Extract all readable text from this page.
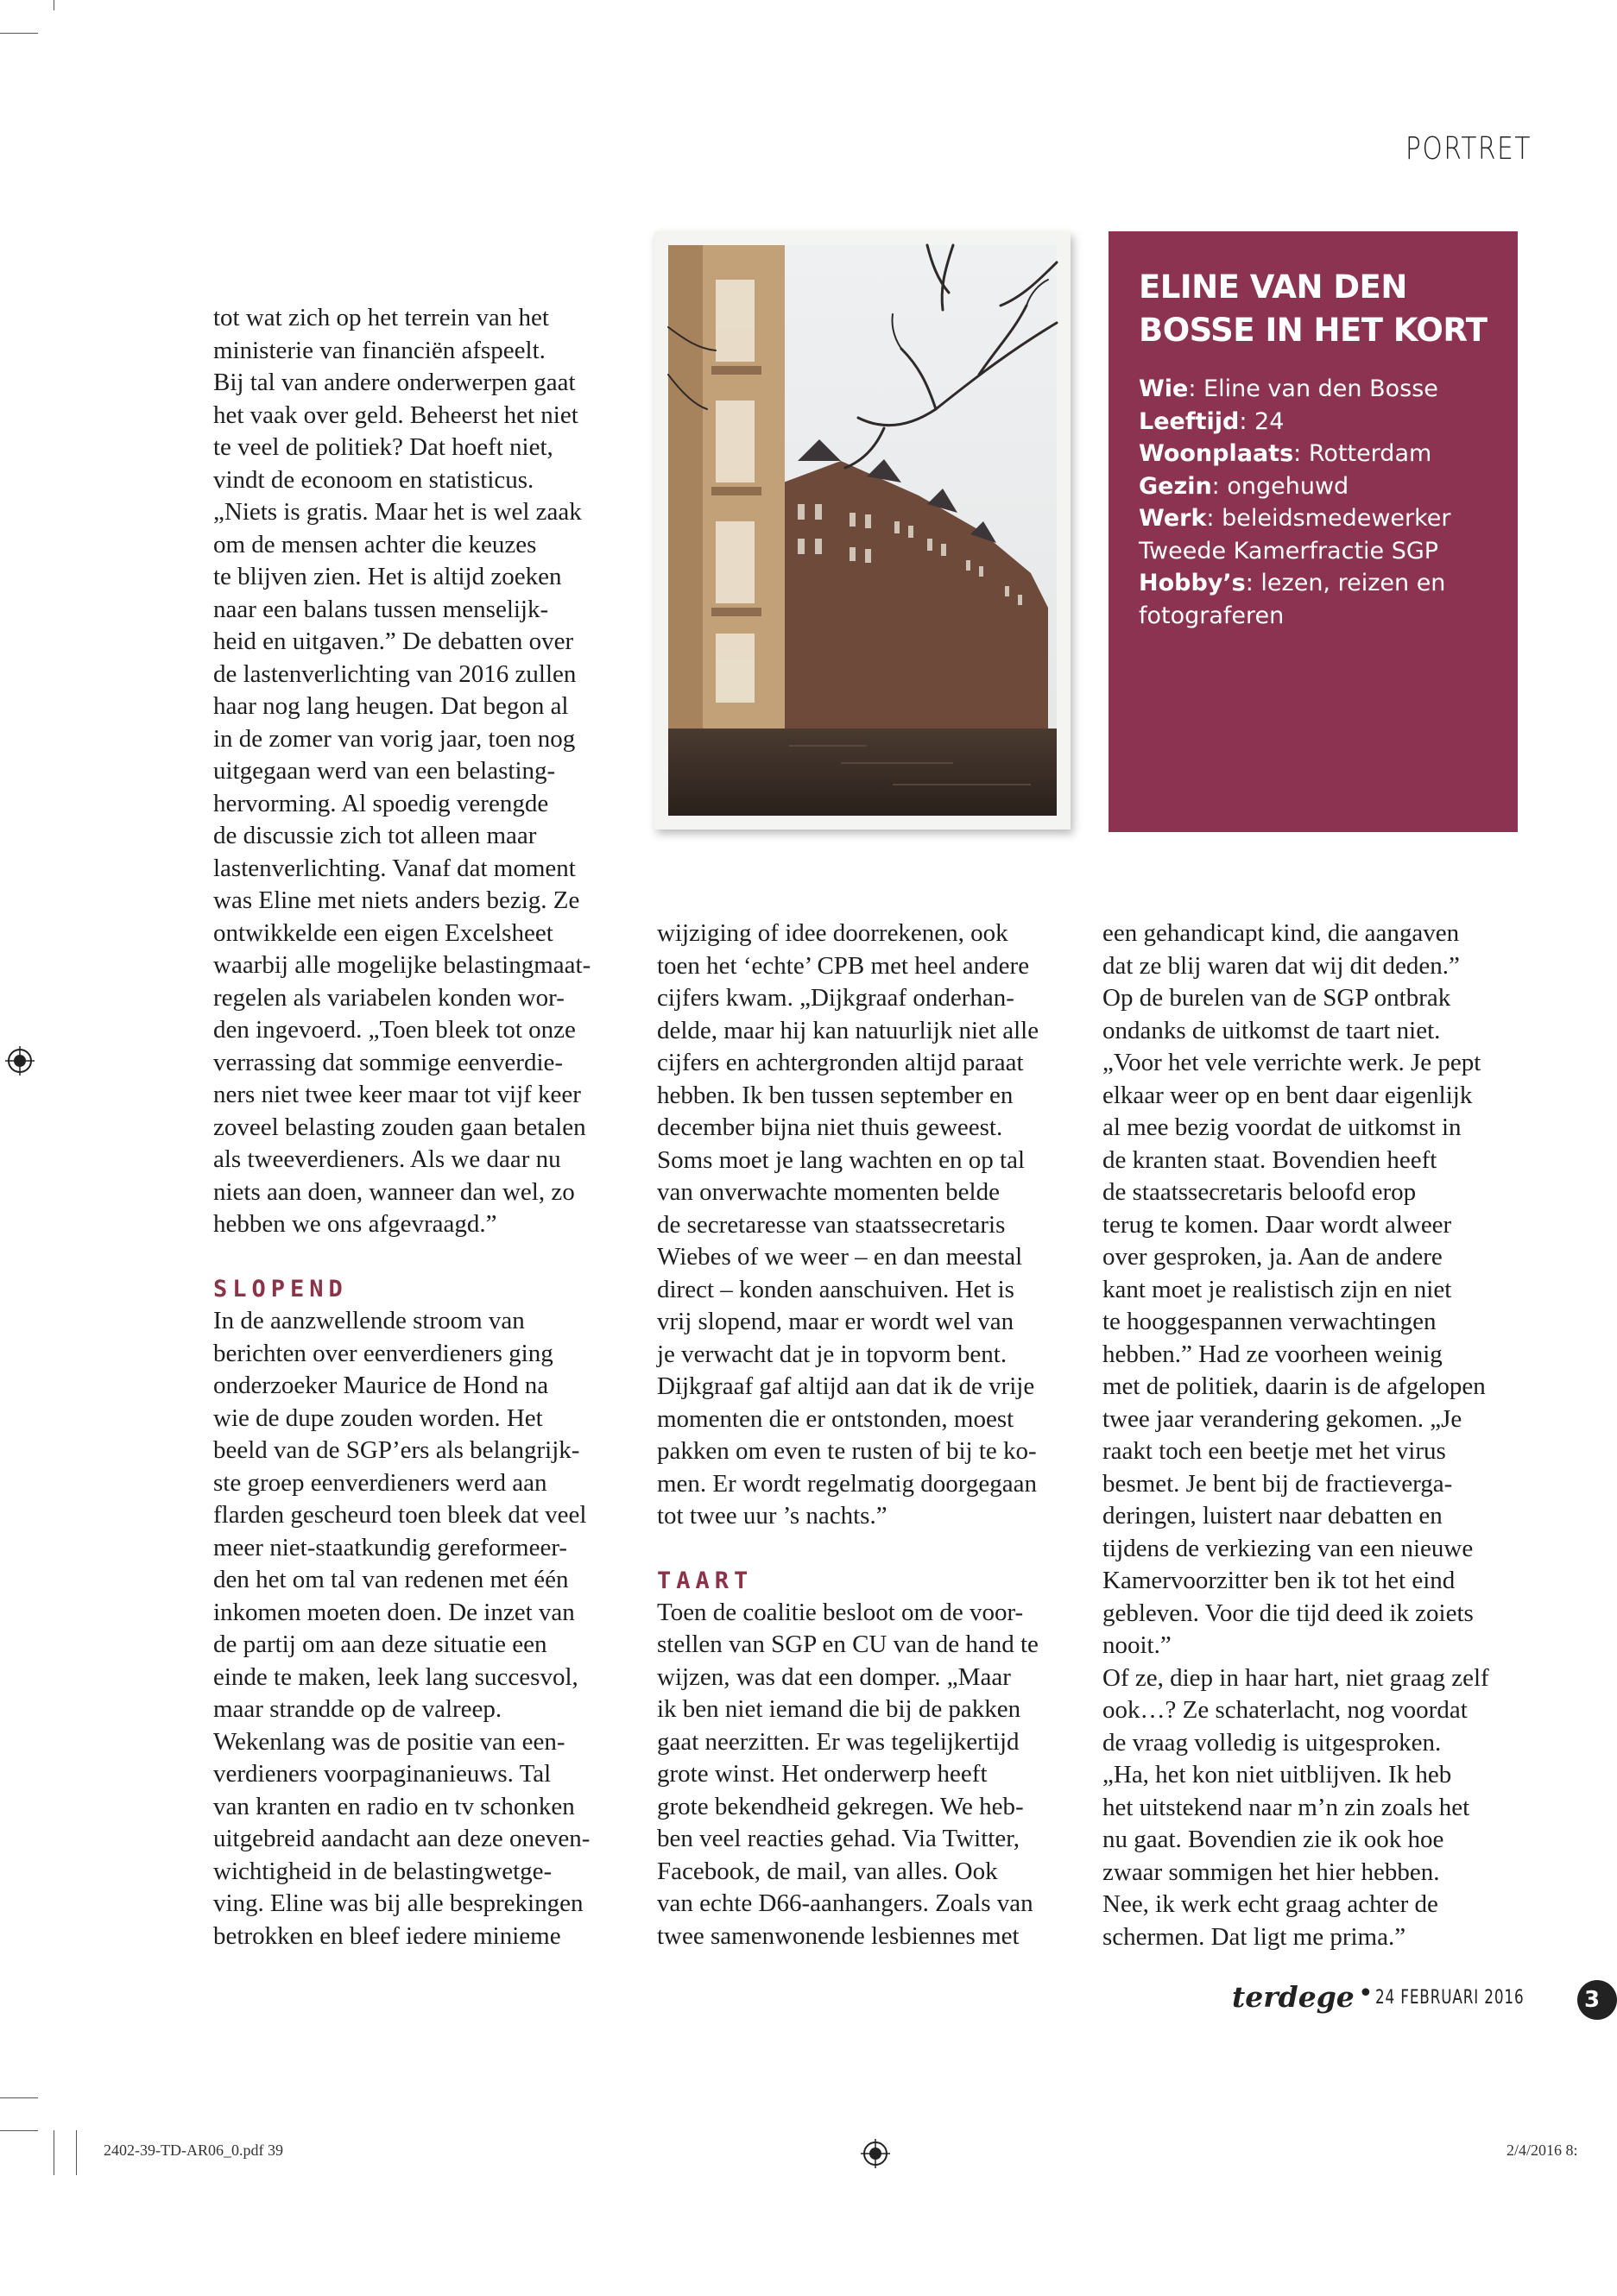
PORTRET
ELINE VAN DEN BOSSE IN HET KORT

Wie: Eline van den Bosse

Leeftijd: 24

Woonplaats: Rotterdam

Gezin: ongehuwd

Werk: beleidsmedewerker Tweede Kamerfractie SGP

Hobby’s: lezen, reizen en fotograferen

tot wat zich op het terrein van het
ministerie van financiën afspeelt.
Bij tal van andere onderwerpen gaat
het vaak over geld. Beheerst het niet
te veel de politiek? Dat hoeft niet,
vindt de econoom en statisticus.
„Niets is gratis. Maar het is wel zaak
om de mensen achter die keuzes
te blijven zien. Het is altijd zoeken
naar een balans tussen menselijk-
heid en uitgaven.” De debatten over
de lastenverlichting van 2016 zullen
haar nog lang heugen. Dat begon al
in de zomer van vorig jaar, toen nog
uitgegaan werd van een belasting-
hervorming. Al spoedig verengde
de discussie zich tot alleen maar
lastenverlichting. Vanaf dat moment
was Eline met niets anders bezig. Ze
ontwikkelde een eigen Excelsheet
waarbij alle mogelijke belastingmaat-
regelen als variabelen konden wor-
den ingevoerd. „Toen bleek tot onze
verrassing dat sommige eenverdie-
ners niet twee keer maar tot vijf keer
zoveel belasting zouden gaan betalen
als tweeverdieners. Als we daar nu
niets aan doen, wanneer dan wel, zo
hebben we ons afgevraagd.”

SLOPEND

In de aanzwellende stroom van
berichten over eenverdieners ging
onderzoeker Maurice de Hond na
wie de dupe zouden worden. Het
beeld van de SGP’ers als belangrijk-
ste groep eenverdieners werd aan
flarden gescheurd toen bleek dat veel
meer niet-staatkundig gereformeer-
den het om tal van redenen met één
inkomen moeten doen. De inzet van
de partij om aan deze situatie een
einde te maken, leek lang succesvol,
maar strandde op de valreep.
Wekenlang was de positie van een-
verdieners voorpaginanieuws. Tal
van kranten en radio en tv schonken
uitgebreid aandacht aan deze oneven-
wichtigheid in de belastingwetge-
ving. Eline was bij alle besprekingen
betrokken en bleef iedere minieme

wijziging of idee doorrekenen, ook
toen het ‘echte’ CPB met heel andere
cijfers kwam. „Dijkgraaf onderhan-
delde, maar hij kan natuurlijk niet alle
cijfers en achtergronden altijd paraat
hebben. Ik ben tussen september en
december bijna niet thuis geweest.
Soms moet je lang wachten en op tal
van onverwachte momenten belde
de secretaresse van staatssecretaris
Wiebes of we weer – en dan meestal
direct – konden aanschuiven. Het is
vrij slopend, maar er wordt wel van
je verwacht dat je in topvorm bent.
Dijkgraaf gaf altijd aan dat ik de vrije
momenten die er ontstonden, moest
pakken om even te rusten of bij te ko-
men. Er wordt regelmatig doorgegaan
tot twee uur ’s nachts.”

TAART

Toen de coalitie besloot om de voor-
stellen van SGP en CU van de hand te
wijzen, was dat een domper. „Maar
ik ben niet iemand die bij de pakken
gaat neerzitten. Er was tegelijkertijd
grote winst. Het onderwerp heeft
grote bekendheid gekregen. We heb-
ben veel reacties gehad. Via Twitter,
Facebook, de mail, van alles. Ook
van echte D66-aanhangers. Zoals van
twee samenwonende lesbiennes met

een gehandicapt kind, die aangaven
dat ze blij waren dat wij dit deden.”
Op de burelen van de SGP ontbrak
ondanks de uitkomst de taart niet.
„Voor het vele verrichte werk. Je pept
elkaar weer op en bent daar eigenlijk
al mee bezig voordat de uitkomst in
de kranten staat. Bovendien heeft
de staatssecretaris beloofd erop
terug te komen. Daar wordt alweer
over gesproken, ja. Aan de andere
kant moet je realistisch zijn en niet
te hooggespannen verwachtingen
hebben.” Had ze voorheen weinig
met de politiek, daarin is de afgelopen
twee jaar verandering gekomen. „Je
raakt toch een beetje met het virus
besmet. Je bent bij de fractieverga-
deringen, luistert naar debatten en
tijdens de verkiezing van een nieuwe
Kamervoorzitter ben ik tot het eind
gebleven. Voor die tijd deed ik zoiets
nooit.”
Of ze, diep in haar hart, niet graag zelf
ook…? Ze schaterlacht, nog voordat
de vraag volledig is uitgesproken.
„Ha, het kon niet uitblijven. Ik heb
het uitstekend naar m’n zin zoals het
nu gaat. Bovendien zie ik ook hoe
zwaar sommigen het hier hebben.
Nee, ik werk echt graag achter de
schermen. Dat ligt me prima.”

terdege • 24 FEBRUARI 2016	3
2402-39-TD-AR06_0.pdf 39	2/4/2016 8:
